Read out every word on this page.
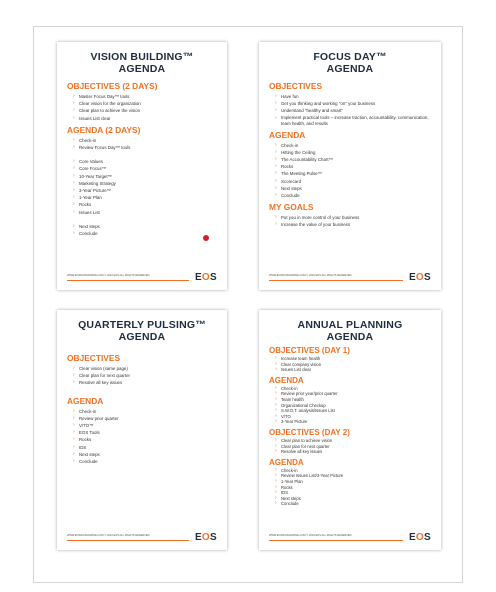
VISION BUILDING™
AGENDA
OBJECTIVES (2 DAYS)
› Master Focus Day™ tools
› Clear vision for the organization
› Clear plan to achieve the vision
› Issues List clear
AGENDA (2 DAYS)
› Check-in
› Review Focus Day™ tools
› Core Values
› Core Focus™
› 10-Year Target™
› Marketing Strategy
› 3-Year Picture™
› 1-Year Plan
› Rocks
› Issues List
› Next steps
› Conclude
WWW.EOSWORLDWIDE.COM © 2023 EOS ALL RIGHTS RESERVED	EOS
FOCUS DAY™
AGENDA
OBJECTIVES
› Have fun
› Get you thinking and working "on" your business
› Understand "healthy and smart"
› Implement practical tools – increase traction, accountability, communication, team health, and results
AGENDA
› Check-in
› Hitting the Ceiling
› The Accountability Chart™
› Rocks
› The Meeting Pulse™
› Scorecard
› Next steps
› Conclude
MY GOALS
› Put you in more control of your business
› Increase the value of your business
WWW.EOSWORLDWIDE.COM © 2023 EOS ALL RIGHTS RESERVED	EOS
QUARTERLY PULSING™
AGENDA
OBJECTIVES
› Clear vision (same page)
› Clear plan for next quarter
› Resolve all key issues
AGENDA
› Check-in
› Review prior quarter
› V/TO™
› EOS Tools
› Rocks
› IDS
› Next steps
› Conclude
WWW.EOSWORLDWIDE.COM © 2023 EOS ALL RIGHTS RESERVED	EOS
ANNUAL PLANNING
AGENDA
OBJECTIVES (DAY 1)
› Increase team health
› Clear company vision
› Issues List clear
AGENDA
› Check-in
› Review prior year/prior quarter
› Team health
› Organizational Checkup
› S.W.O.T. analysis/Issues List
› V/TO
› 3-Year Picture
OBJECTIVES (DAY 2)
› Clear plan to achieve vision
› Clear plan for next quarter
› Resolve all key issues
AGENDA
› Check-in
› Review Issues List/3-Year Picture
› 1-Year Plan
› Rocks
› IDS
› Next steps
› Conclude
WWW.EOSWORLDWIDE.COM © 2023 EOS ALL RIGHTS RESERVED	EOS
